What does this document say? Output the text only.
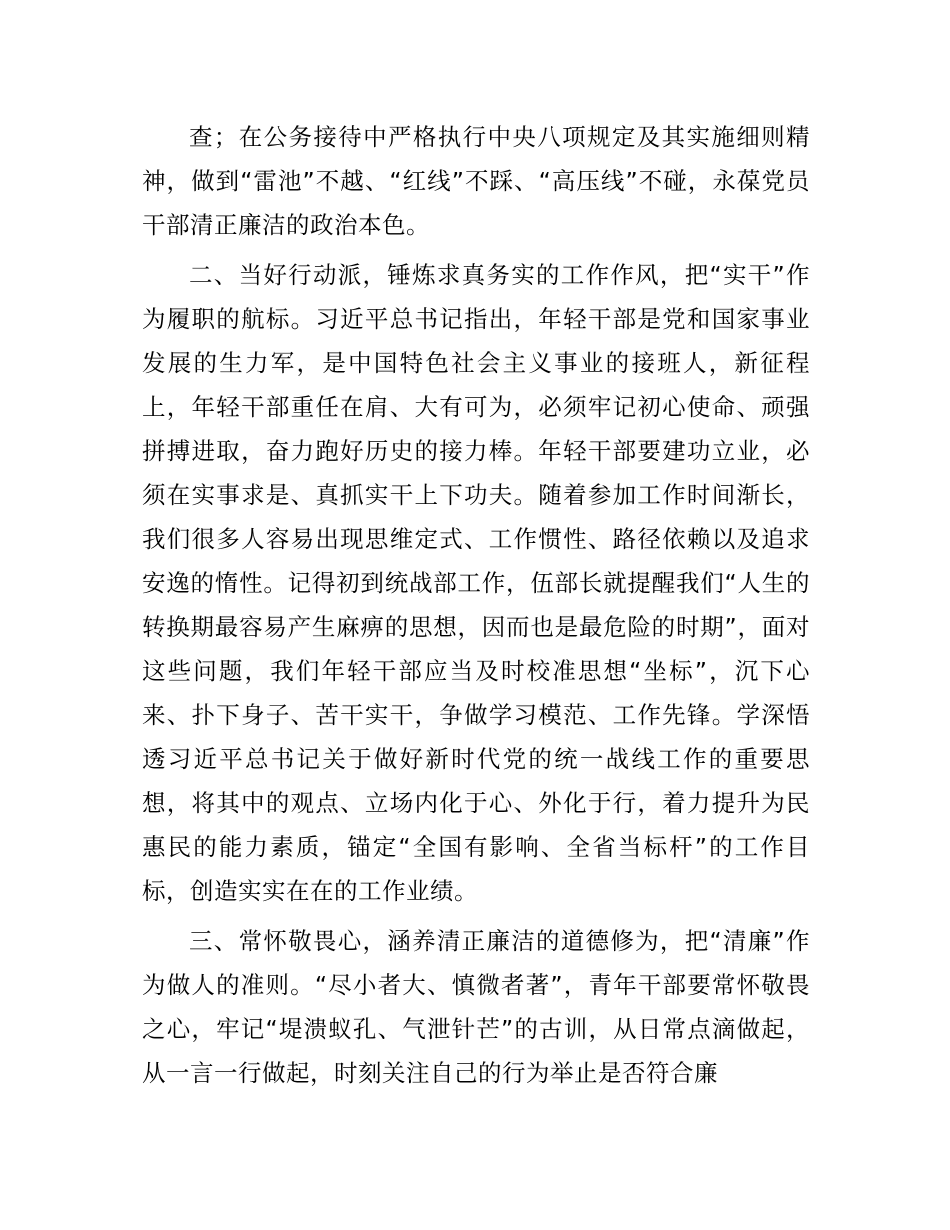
查；在公务接待中严格执行中央八项规定及其实施细则精神，做到“雷池”不越、“红线”不踩、“高压线”不碰，永葆党员干部清正廉洁的政治本色。

二、当好行动派，锤炼求真务实的工作作风，把“实干”作为履职的航标。习近平总书记指出，年轻干部是党和国家事业发展的生力军，是中国特色社会主义事业的接班人，新征程上，年轻干部重任在肩、大有可为，必须牢记初心使命、顽强拼搏进取，奋力跑好历史的接力棒。年轻干部要建功立业，必须在实事求是、真抓实干上下功夫。随着参加工作时间渐长，我们很多人容易出现思维定式、工作惯性、路径依赖以及追求安逸的惰性。记得初到统战部工作，伍部长就提醒我们“人生的转换期最容易产生麻痹的思想，因而也是最危险的时期”，面对这些问题，我们年轻干部应当及时校准思想“坐标”，沉下心来、扑下身子、苦干实干，争做学习模范、工作先锋。学深悟透习近平总书记关于做好新时代党的统一战线工作的重要思想，将其中的观点、立场内化于心、外化于行，着力提升为民惠民的能力素质，锚定“全国有影响、全省当标杆”的工作目标，创造实实在在的工作业绩。

三、常怀敬畏心，涵养清正廉洁的道德修为，把“清廉”作为做人的准则。“尽小者大、慎微者著”，青年干部要常怀敬畏之心，牢记“堤溃蚁孔、气泄针芒”的古训，从日常点滴做起，从一言一行做起，时刻关注自己的行为举止是否符合廉
